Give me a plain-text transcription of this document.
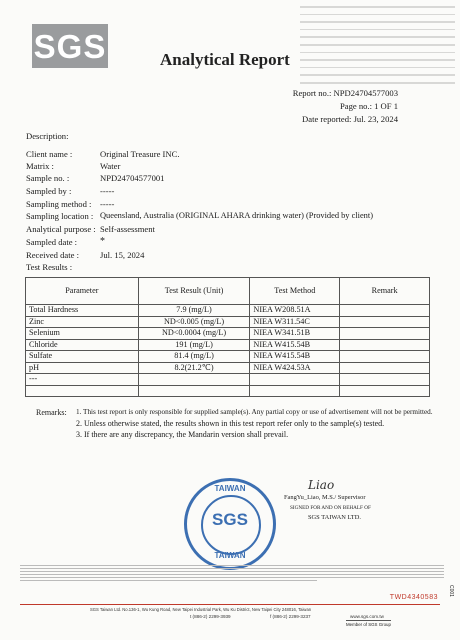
SGS	Analytical Report
Report no.: NPD24704577003
Page no.: 1 OF 1
Date reported: Jul. 23, 2024
Description:
Client name :	Original Treasure INC.
Matrix :	Water
Sample no. :	NPD24704577001
Sampled by :	-----
Sampling method : -----
Sampling location : Queensland, Australia (ORIGINAL AHARA drinking water) (Provided by client)
Analytical purpose : Self-assessment
Sampled date : *
Received date : Jul. 15, 2024
Test Results :
Parameter	Test Result (Unit)	Test Method	Remark
Total Hardness	7.9 (mg/L)	NIEA W208.51A	
Zinc	ND<0.005 (mg/L)	NIEA W311.54C	
Selenium	ND<0.0004 (mg/L)	NIEA W341.51B	
Chloride	191 (mg/L)	NIEA W415.54B	
Sulfate	81.4 (mg/L)	NIEA W415.54B	
pH	8.2(21.2℃)	NIEA W424.53A	
---			

Remarks: 1. This test report is only responsible for supplied sample(s). Any partial copy or use of advertisement will not be permitted.
2. Unless otherwise stated, the results shown in this test report refer only to the sample(s) tested.
3. If there are any discrepancy, the Mandarin version shall prevail.
TAIWAN
SGS
TAIWAN
Liao
FangYu_Liao, M.S./ Supervisor
SIGNED FOR AND ON BEHALF OF
SGS TAIWAN LTD.
TWD4340583
SGS Taiwan Ltd. No.136-1, Wu Kung Road, New Taipei Industrial Park, Wu Ku District, New Taipei City 248016, Taiwan
t (886-2) 2299-3939	f (886-2) 2299-3237	www.sgs.com.tw
Member of SGS Group
C001
